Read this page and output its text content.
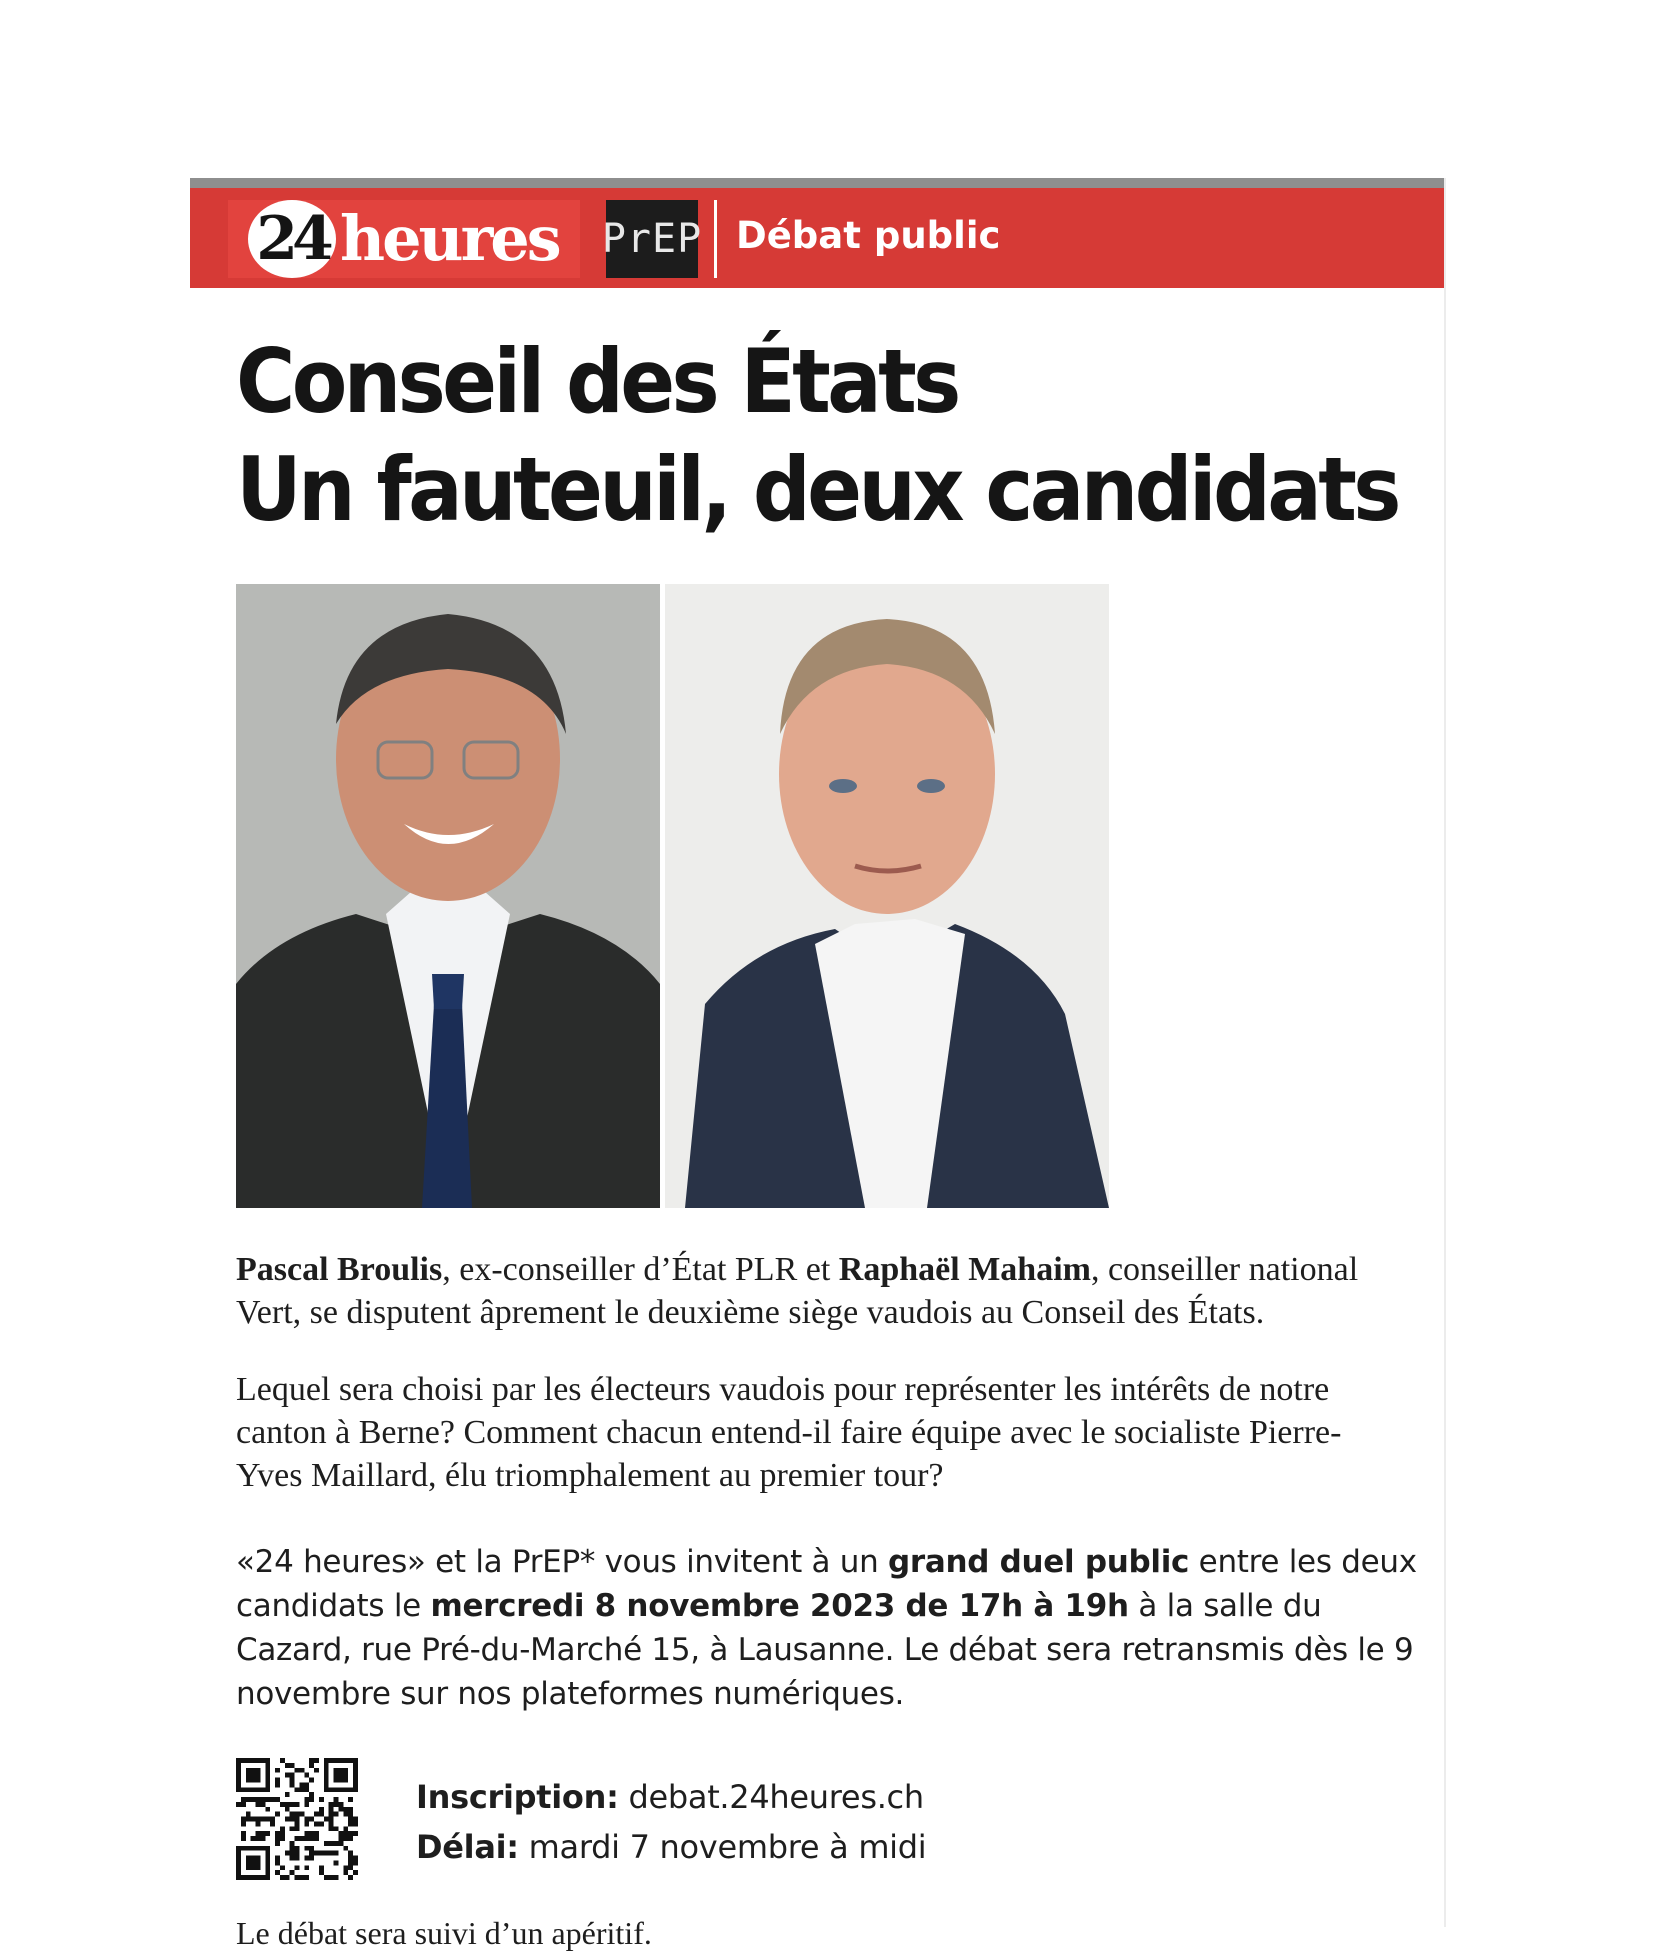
24 heures PrEP Débat public
Conseil des États
Un fauteuil, deux candidats

Pascal Broulis, ex-conseiller d’État PLR et Raphaël Mahaim, conseiller national Vert, se disputent âprement le deuxième siège vaudois au Conseil des États.

Lequel sera choisi par les électeurs vaudois pour représenter les intérêts de notre canton à Berne? Comment chacun entend-il faire équipe avec le socialiste Pierre-Yves Maillard, élu triomphalement au premier tour?

«24 heures» et la PrEP* vous invitent à un grand duel public entre les deux candidats le mercredi 8 novembre 2023 de 17h à 19h à la salle du Cazard, rue Pré-du-Marché 15, à Lausanne. Le débat sera retransmis dès le 9 novembre sur nos plateformes numériques.

Inscription: debat.24heures.ch
Délai: mardi 7 novembre à midi
Le débat sera suivi d’un apéritif.
